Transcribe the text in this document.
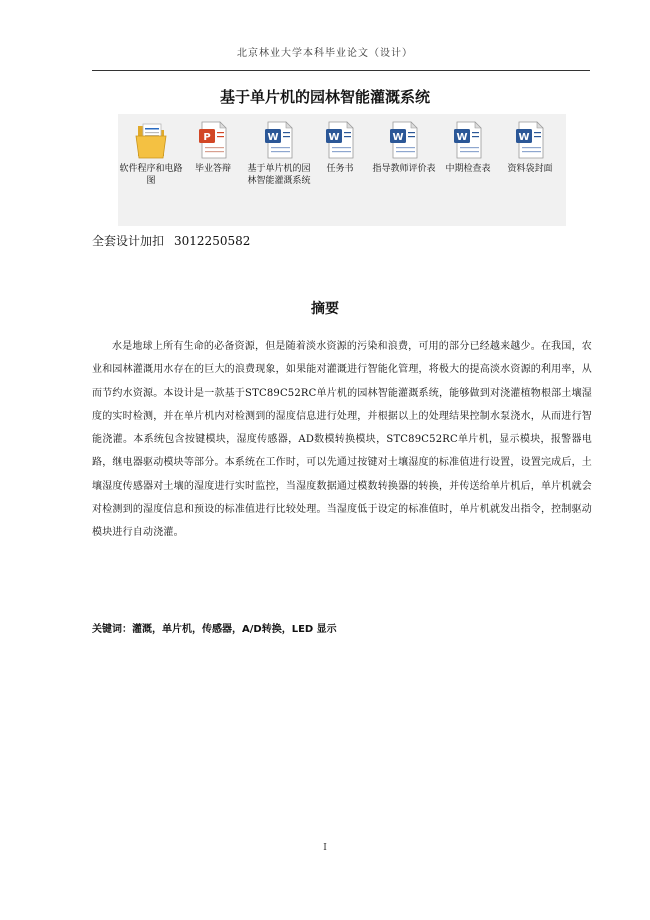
北京林业大学本科毕业论文（设计）
基于单片机的园林智能灌溉系统
软件程序和电路图
P
毕业答辩
W
基于单片机的园林智能灌溉系统
W
任务书
W
指导教师评价表
W
中期检查表
W
资料袋封面
全套设计加扣 3012250582
摘要

水是地球上所有生命的必备资源，但是随着淡水资源的污染和浪费，可用的部分已经越来越少。在我国，农业和园林灌溉用水存在的巨大的浪费现象，如果能对灌溉进行智能化管理，将极大的提高淡水资源的利用率，从而节约水资源。本设计是一款基于STC89C52RC单片机的园林智能灌溉系统，能够做到对浇灌植物根部土壤湿度的实时检测，并在单片机内对检测到的湿度信息进行处理，并根据以上的处理结果控制水泵浇水，从而进行智能浇灌。本系统包含按键模块，湿度传感器，AD数模转换模块，STC89C52RC单片机，显示模块，报警器电路，继电器驱动模块等部分。本系统在工作时，可以先通过按键对土壤湿度的标准值进行设置，设置完成后，土壤湿度传感器对土壤的湿度进行实时监控，当湿度数据通过模数转换器的转换，并传送给单片机后，单片机就会对检测到的湿度信息和预设的标准值进行比较处理。当湿度低于设定的标准值时，单片机就发出指令，控制驱动模块进行自动浇灌。

关键词：灌溉，单片机，传感器，A/D转换，LED 显示
I
